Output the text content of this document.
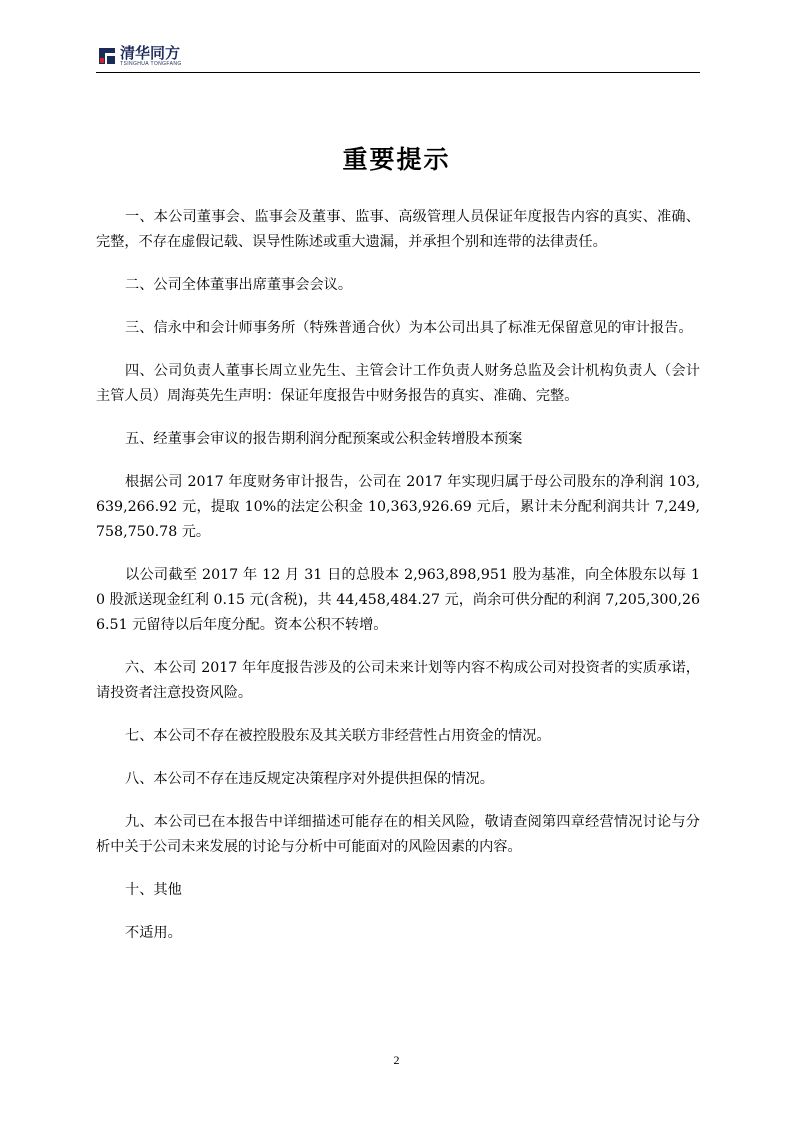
清华同方
TSINGHUA TONGFANG
重要提示

一、本公司董事会、监事会及董事、监事、高级管理人员保证年度报告内容的真实、准确、完整，不存在虚假记载、误导性陈述或重大遗漏，并承担个别和连带的法律责任。

二、公司全体董事出席董事会会议。

三、信永中和会计师事务所（特殊普通合伙）为本公司出具了标准无保留意见的审计报告。

四、公司负责人董事长周立业先生、主管会计工作负责人财务总监及会计机构负责人（会计主管人员）周海英先生声明：保证年度报告中财务报告的真实、准确、完整。

五、经董事会审议的报告期利润分配预案或公积金转增股本预案

根据公司 2017 年度财务审计报告，公司在 2017 年实现归属于母公司股东的净利润 103,639,266.92 元，提取 10%的法定公积金 10,363,926.69 元后，累计未分配利润共计 7,249,758,750.78 元。

以公司截至 2017 年 12 月 31 日的总股本 2,963,898,951 股为基准，向全体股东以每 10 股派送现金红利 0.15 元(含税)，共 44,458,484.27 元，尚余可供分配的利润 7,205,300,266.51 元留待以后年度分配。资本公积不转增。

六、本公司 2017 年年度报告涉及的公司未来计划等内容不构成公司对投资者的实质承诺，请投资者注意投资风险。

七、本公司不存在被控股股东及其关联方非经营性占用资金的情况。

八、本公司不存在违反规定决策程序对外提供担保的情况。

九、本公司已在本报告中详细描述可能存在的相关风险，敬请查阅第四章经营情况讨论与分析中关于公司未来发展的讨论与分析中可能面对的风险因素的内容。

十、其他

不适用。

2
